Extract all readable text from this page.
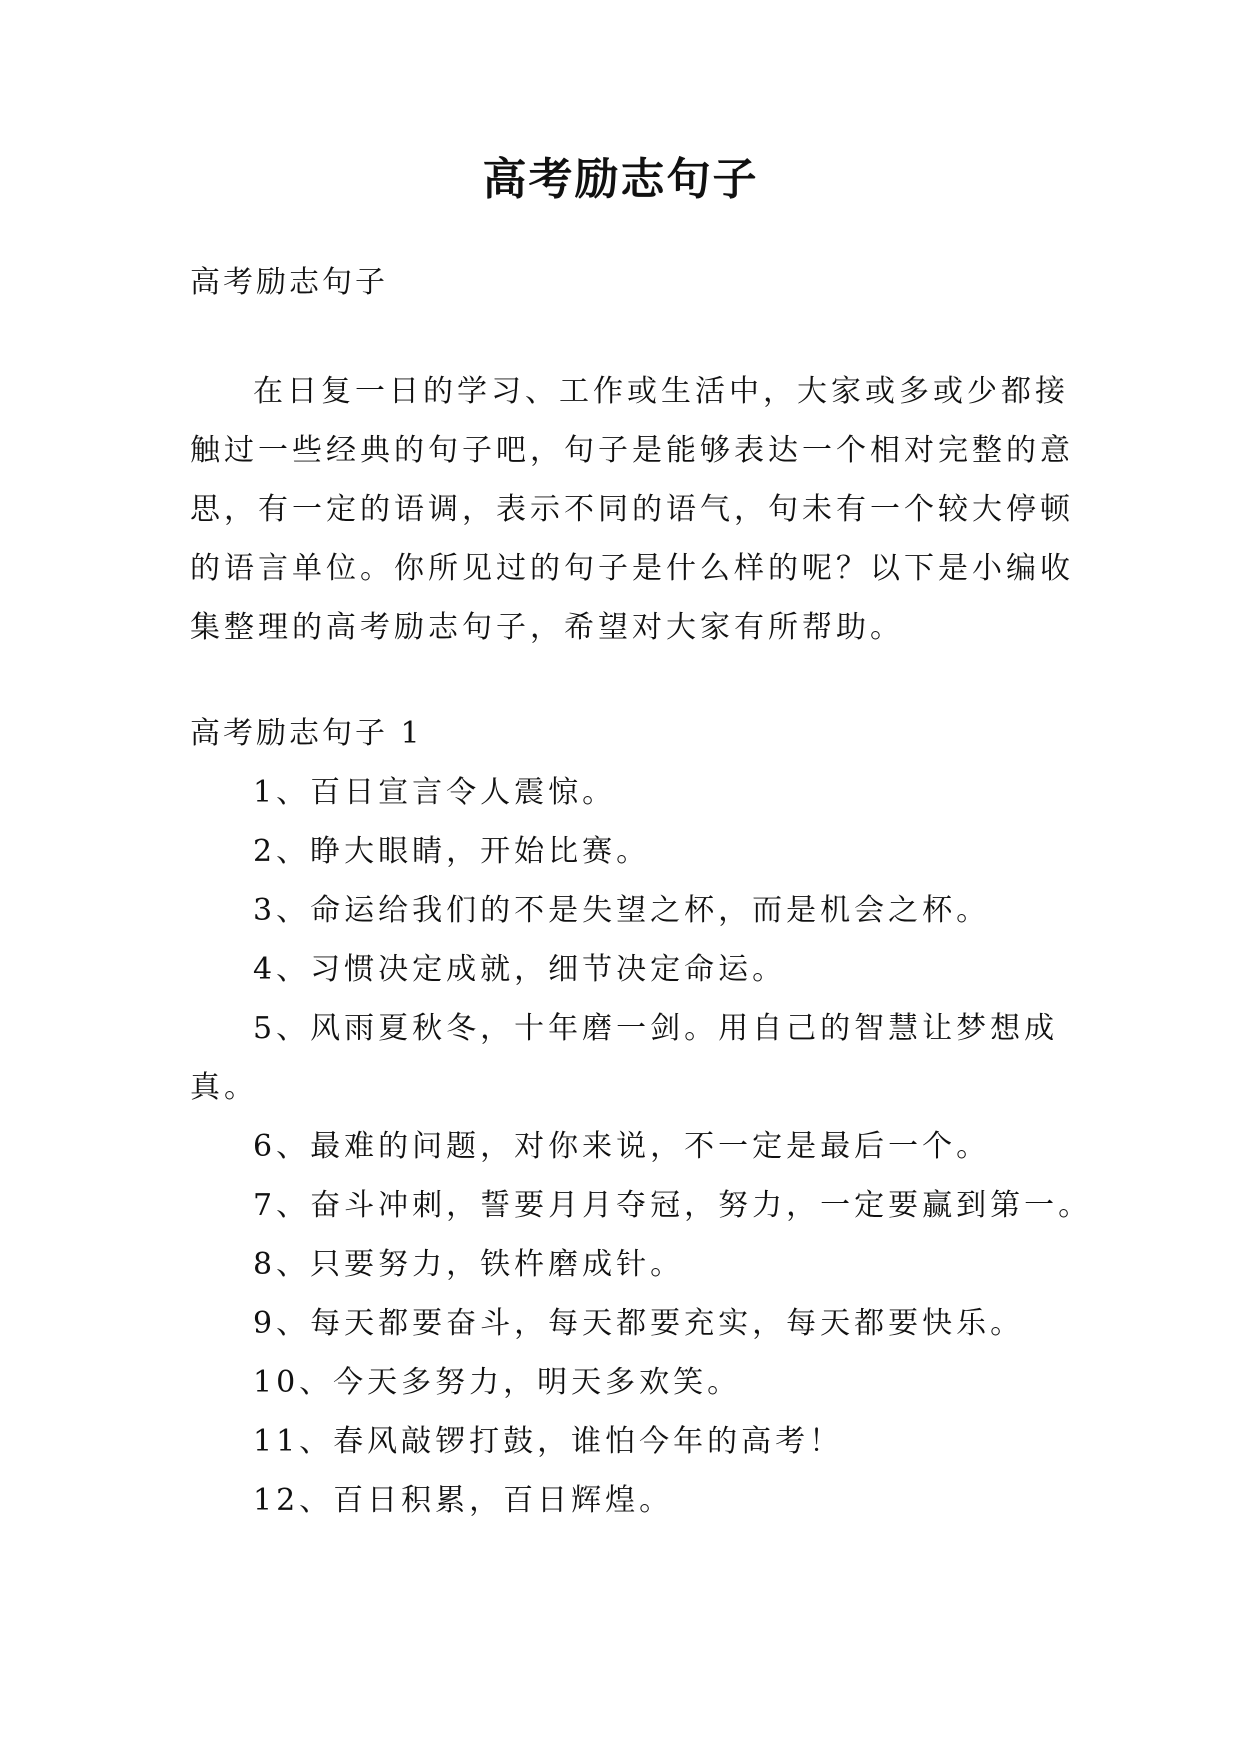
高考励志句子
高考励志句子
在日复一日的学习、工作或生活中，大家或多或少都接
触过一些经典的句子吧，句子是能够表达一个相对完整的意
思，有一定的语调，表示不同的语气，句未有一个较大停顿
的语言单位。你所见过的句子是什么样的呢？以下是小编收
集整理的高考励志句子，希望对大家有所帮助。
高考励志句子 1
1、百日宣言令人震惊。
2、睁大眼睛，开始比赛。
3、命运给我们的不是失望之杯，而是机会之杯。
4、习惯决定成就，细节决定命运。
5、风雨夏秋冬，十年磨一剑。用自己的智慧让梦想成
真。
6、最难的问题，对你来说，不一定是最后一个。
7、奋斗冲刺，誓要月月夺冠，努力，一定要赢到第一。
8、只要努力，铁杵磨成针。
9、每天都要奋斗，每天都要充实，每天都要快乐。
10、今天多努力，明天多欢笑。
11、春风敲锣打鼓，谁怕今年的高考！
12、百日积累，百日辉煌。
